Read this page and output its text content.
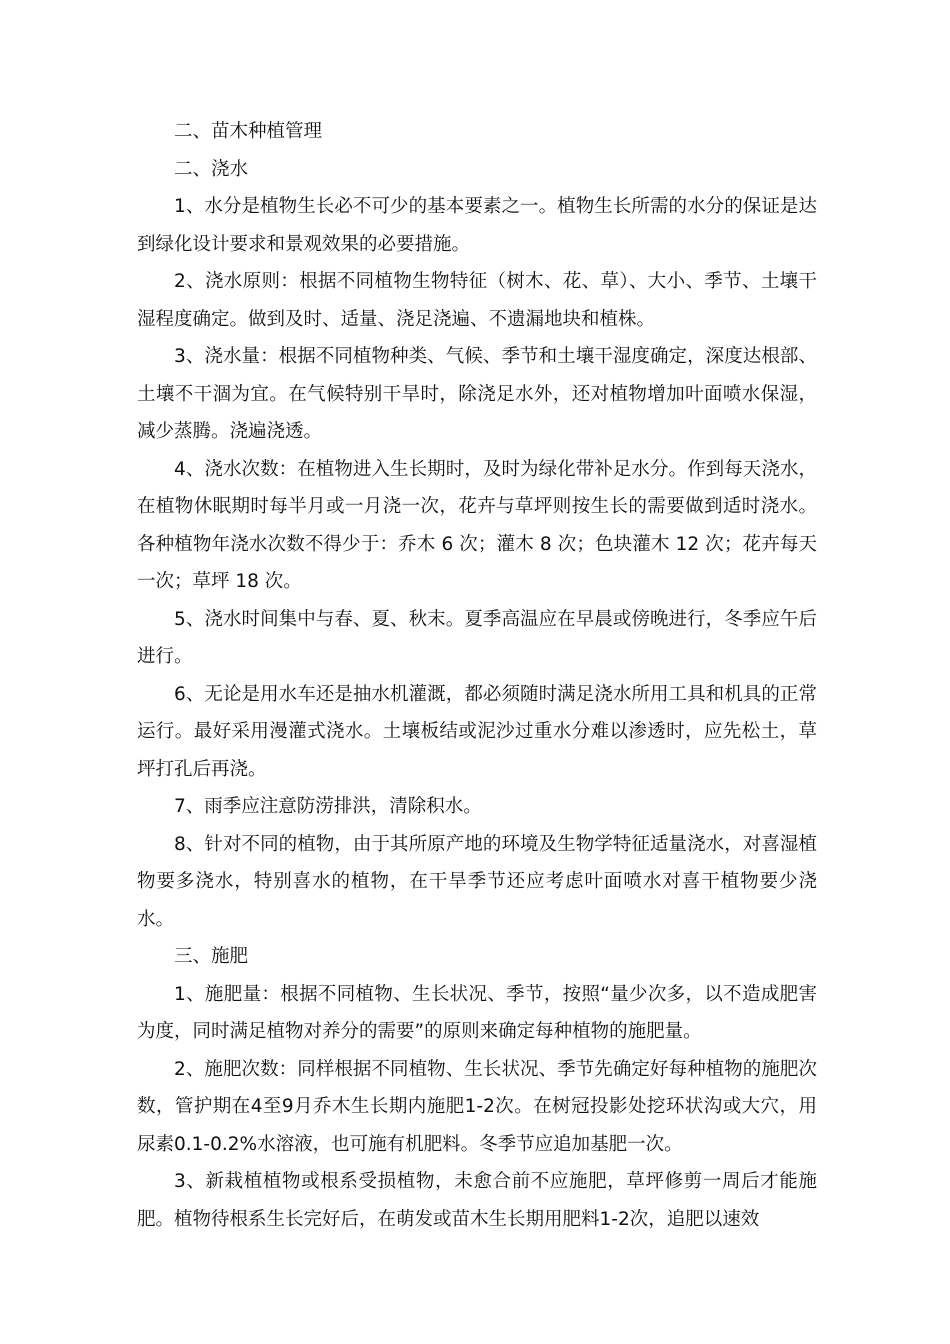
二、苗木种植管理

二、浇水

1、水分是植物生长必不可少的基本要素之一。植物生长所需的水分的保证是达到绿化设计要求和景观效果的必要措施。

2、浇水原则：根据不同植物生物特征（树木、花、草）、大小、季节、土壤干湿程度确定。做到及时、适量、浇足浇遍、不遗漏地块和植株。

3、浇水量：根据不同植物种类、气候、季节和土壤干湿度确定，深度达根部、土壤不干涸为宜。在气候特别干旱时，除浇足水外，还对植物增加叶面喷水保湿，减少蒸腾。浇遍浇透。

4、浇水次数：在植物进入生长期时，及时为绿化带补足水分。作到每天浇水，在植物休眠期时每半月或一月浇一次，花卉与草坪则按生长的需要做到适时浇水。各种植物年浇水次数不得少于：乔木 6 次；灌木 8 次；色块灌木 12 次；花卉每天一次；草坪 18 次。

5、浇水时间集中与春、夏、秋末。夏季高温应在早晨或傍晚进行，冬季应午后进行。

6、无论是用水车还是抽水机灌溉，都必须随时满足浇水所用工具和机具的正常运行。最好采用漫灌式浇水。土壤板结或泥沙过重水分难以渗透时，应先松土，草坪打孔后再浇。

7、雨季应注意防涝排洪，清除积水。

8、针对不同的植物，由于其所原产地的环境及生物学特征适量浇水，对喜湿植物要多浇水，特别喜水的植物，在干旱季节还应考虑叶面喷水对喜干植物要少浇水。

三、施肥

1、施肥量：根据不同植物、生长状况、季节，按照“量少次多，以不造成肥害为度，同时满足植物对养分的需要”的原则来确定每种植物的施肥量。

2、施肥次数：同样根据不同植物、生长状况、季节先确定好每种植物的施肥次数，管护期在4至9月乔木生长期内施肥1-2次。在树冠投影处挖环状沟或大穴，用尿素0.1-0.2%水溶液，也可施有机肥料。冬季节应追加基肥一次。

3、新栽植植物或根系受损植物，未愈合前不应施肥，草坪修剪一周后才能施肥。植物待根系生长完好后，在萌发或苗木生长期用肥料1-2次，追肥以速效
